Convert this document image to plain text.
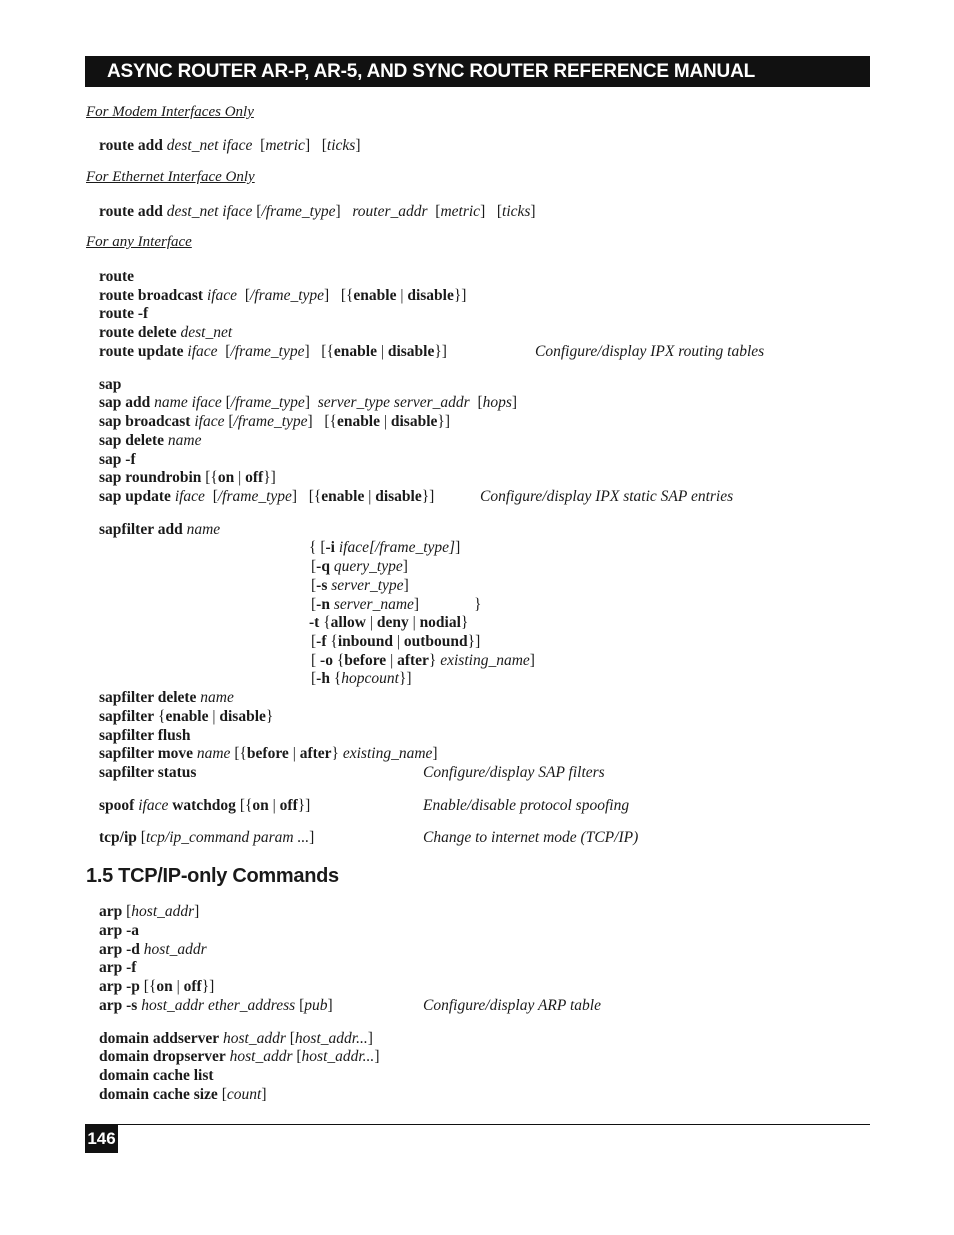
ASYNC ROUTER AR-P, AR-5, AND SYNC ROUTER REFERENCE MANUAL
For Modem Interfaces Only
route add dest_net iface  [metric]   [ticks]
For Ethernet Interface Only
route add dest_net iface [/frame_type]   router_addr  [metric]   [ticks]
For any Interface
route
route broadcast iface  [/frame_type]   [{enable | disable}]
route -f
route delete dest_net
route update iface  [/frame_type]   [{enable | disable}]	Configure/display IPX routing tables
sap
sap add name iface [/frame_type]  server_type server_addr  [hops]
sap broadcast iface [/frame_type]   [{enable | disable}]
sap delete name
sap -f
sap roundrobin [{on | off}]
sap update iface  [/frame_type]   [{enable | disable}]	Configure/display IPX static SAP entries
sapfilter add name
{ [-i iface[/frame_type]]
[-q query_type]
[-s server_type]
[-n server_name]	}
-t {allow | deny | nodial}
[-f {inbound | outbound}]
[ -o {before | after} existing_name]
[-h {hopcount}]
sapfilter delete name
sapfilter {enable | disable}
sapfilter flush
sapfilter move name [{before | after} existing_name]
sapfilter status	Configure/display SAP filters
spoof iface watchdog [{on | off}]	Enable/disable protocol spoofing
tcp/ip [tcp/ip_command param ...]	Change to internet mode (TCP/IP)
1.5 TCP/IP-only Commands
arp [host_addr]
arp -a
arp -d host_addr
arp -f
arp -p [{on | off}]
arp -s host_addr ether_address [pub]	Configure/display ARP table
domain addserver host_addr [host_addr...]
domain dropserver host_addr [host_addr...]
domain cache list
domain cache size [count]
146
